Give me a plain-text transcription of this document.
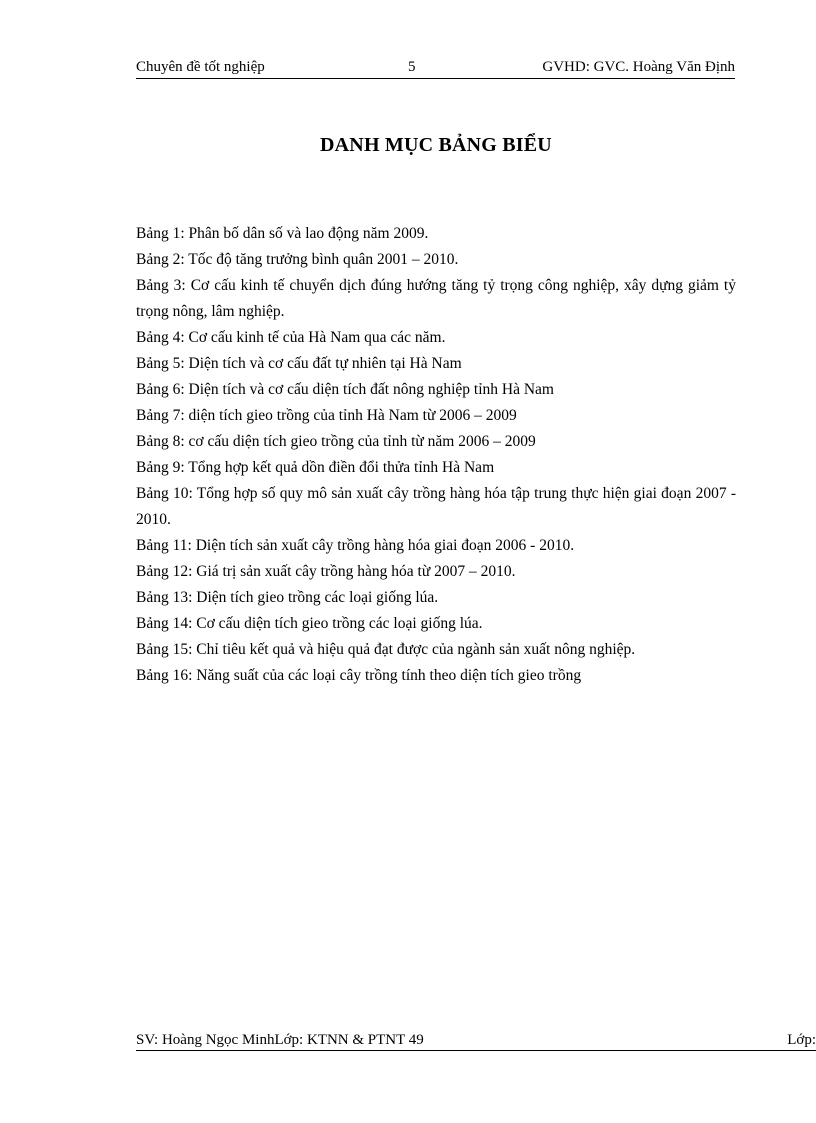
Chuyên đề tốt nghiệp	5	GVHD: GVC. Hoàng Văn Định
DANH MỤC BẢNG BIỂU
Bảng 1: Phân bố dân số và lao động năm 2009.
Bảng 2: Tốc độ tăng trưởng bình quân 2001 – 2010.
Bảng 3: Cơ cấu kinh tế chuyển dịch đúng hướng tăng tỷ trọng công nghiệp, xây dựng giảm tỷ trọng nông, lâm nghiệp.
Bảng 4: Cơ cấu kinh tế của Hà Nam qua các năm.
Bảng 5: Diện tích và cơ cấu đất tự nhiên tại Hà Nam
Bảng 6: Diện tích và cơ cấu diện tích đất nông nghiệp tỉnh Hà Nam
Bảng 7: diện tích gieo trồng của tỉnh Hà Nam từ 2006 – 2009
Bảng 8: cơ cấu diện tích gieo trồng của tỉnh từ năm 2006 – 2009
Bảng 9: Tổng hợp kết quả dồn điền đổi thửa tỉnh Hà Nam
Bảng 10: Tổng hợp số quy mô sản xuất cây trồng hàng hóa tập trung thực hiện giai đoạn 2007 - 2010.
Bảng 11: Diện tích sản xuất cây trồng hàng hóa giai đoạn 2006 - 2010.
Bảng 12: Giá trị sản xuất cây trồng hàng hóa từ 2007 – 2010.
Bảng 13: Diện tích gieo trồng các loại giống lúa.
Bảng 14: Cơ cấu diện tích gieo trồng các loại giống lúa.
Bảng 15: Chỉ tiêu kết quả và hiệu quả đạt được của ngành sản xuất nông nghiệp.
Bảng 16: Năng suất của các loại cây trồng tính theo diện tích gieo trồng
SV: Hoàng Ngọc MinhLớp: KTNN & PTNT 49	Lớp:
